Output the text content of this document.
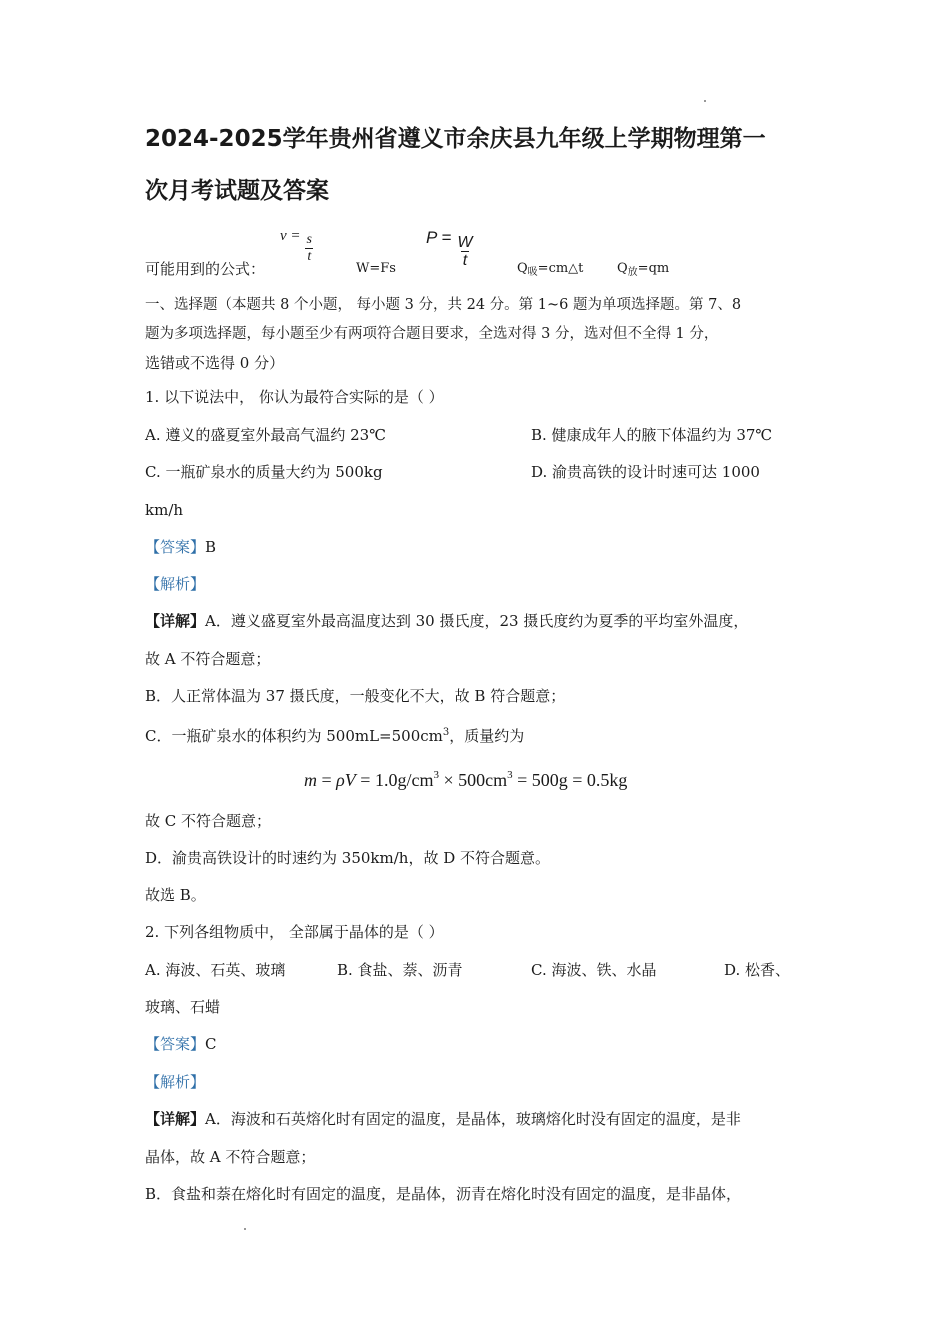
2024-2025学年贵州省遵义市余庆县九年级上学期物理第一
次月考试题及答案
可能用到的公式：
$v = \frac{s}{t}$
W=Fs
$P = \frac{W}{t}$	$Q_吸=cm\triangle t$	$Q_放=qm$
一、选择题（本题共 8 个小题， 每小题 3 分，共 24 分。第 1~6 题为单项选择题。第 7、8
题为多项选择题，每小题至少有两项符合题目要求，全选对得 3 分，选对但不全得 1 分，
选错或不选得 0 分）
1. 以下说法中， 你认为最符合实际的是（ ）
A. 遵义的盛夏室外最高气温约 23℃	B. 健康成年人的腋下体温约为 37℃
C. 一瓶矿泉水的质量大约为 500kg	D. 渝贵高铁的设计时速可达 1000
km/h
【答案】B
【解析】
【详解】A．遵义盛夏室外最高温度达到 30 摄氏度，23 摄氏度约为夏季的平均室外温度，
故 A 不符合题意；
B．人正常体温为 37 摄氏度，一般变化不大，故 B 符合题意；
C．一瓶矿泉水的体积约为 $500mL=500cm^3$，质量约为
$m = \rho V = 1.0g/cm^3 \times 500cm^3 = 500g = 0.5kg$
故 C 不符合题意；
D．渝贵高铁设计的时速约为 350km/h，故 D 不符合题意。
故选 B。
2. 下列各组物质中， 全部属于晶体的是（ ）
A. 海波、石英、玻璃	B. 食盐、萘、沥青	C. 海波、铁、水晶	D. 松香、
玻璃、石蜡
【答案】C
【解析】
【详解】A．海波和石英熔化时有固定的温度，是晶体，玻璃熔化时没有固定的温度，是非
晶体，故 A 不符合题意；
B．食盐和萘在熔化时有固定的温度，是晶体，沥青在熔化时没有固定的温度，是非晶体，
